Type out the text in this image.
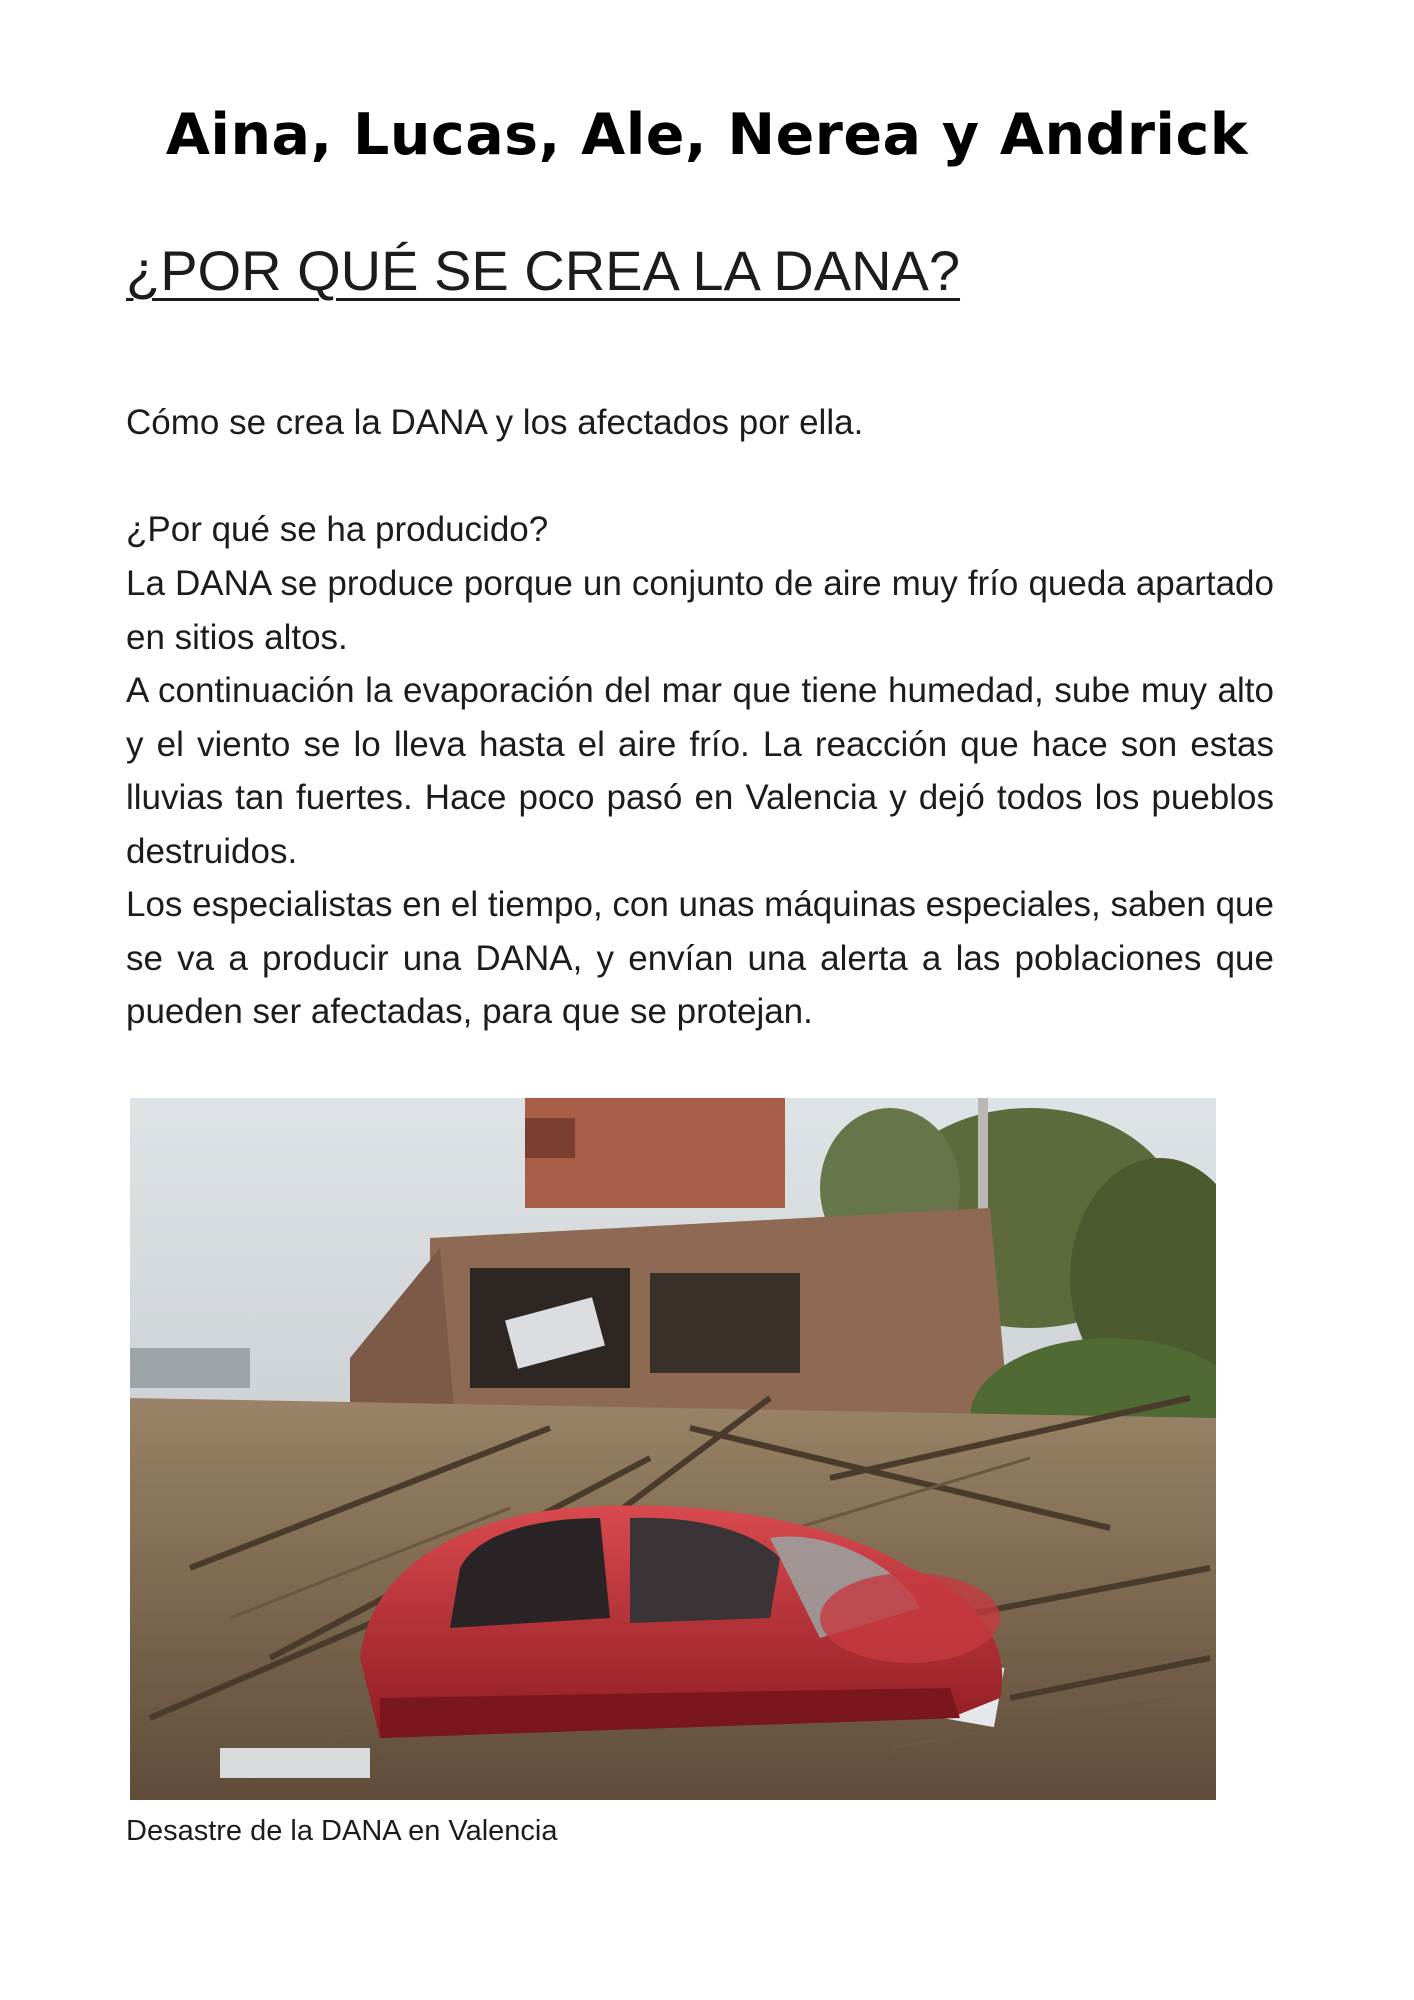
Aina, Lucas, Ale, Nerea y Andrick
¿POR QUÉ SE CREA LA DANA?
Cómo se crea la DANA y los afectados por ella.
¿Por qué se ha producido?

La DANA se produce porque un conjunto de aire muy frío queda apartado en sitios altos.

A continuación la evaporación del mar que tiene humedad, sube muy alto y el viento se lo lleva hasta el aire frío. La reacción que hace son estas lluvias tan fuertes. Hace poco pasó en Valencia y dejó todos los pueblos destruidos.

Los especialistas en el tiempo, con unas máquinas especiales, saben que se va a producir una DANA, y envían una alerta a las poblaciones que pueden ser afectadas, para que se protejan.

Desastre de la DANA en Valencia
